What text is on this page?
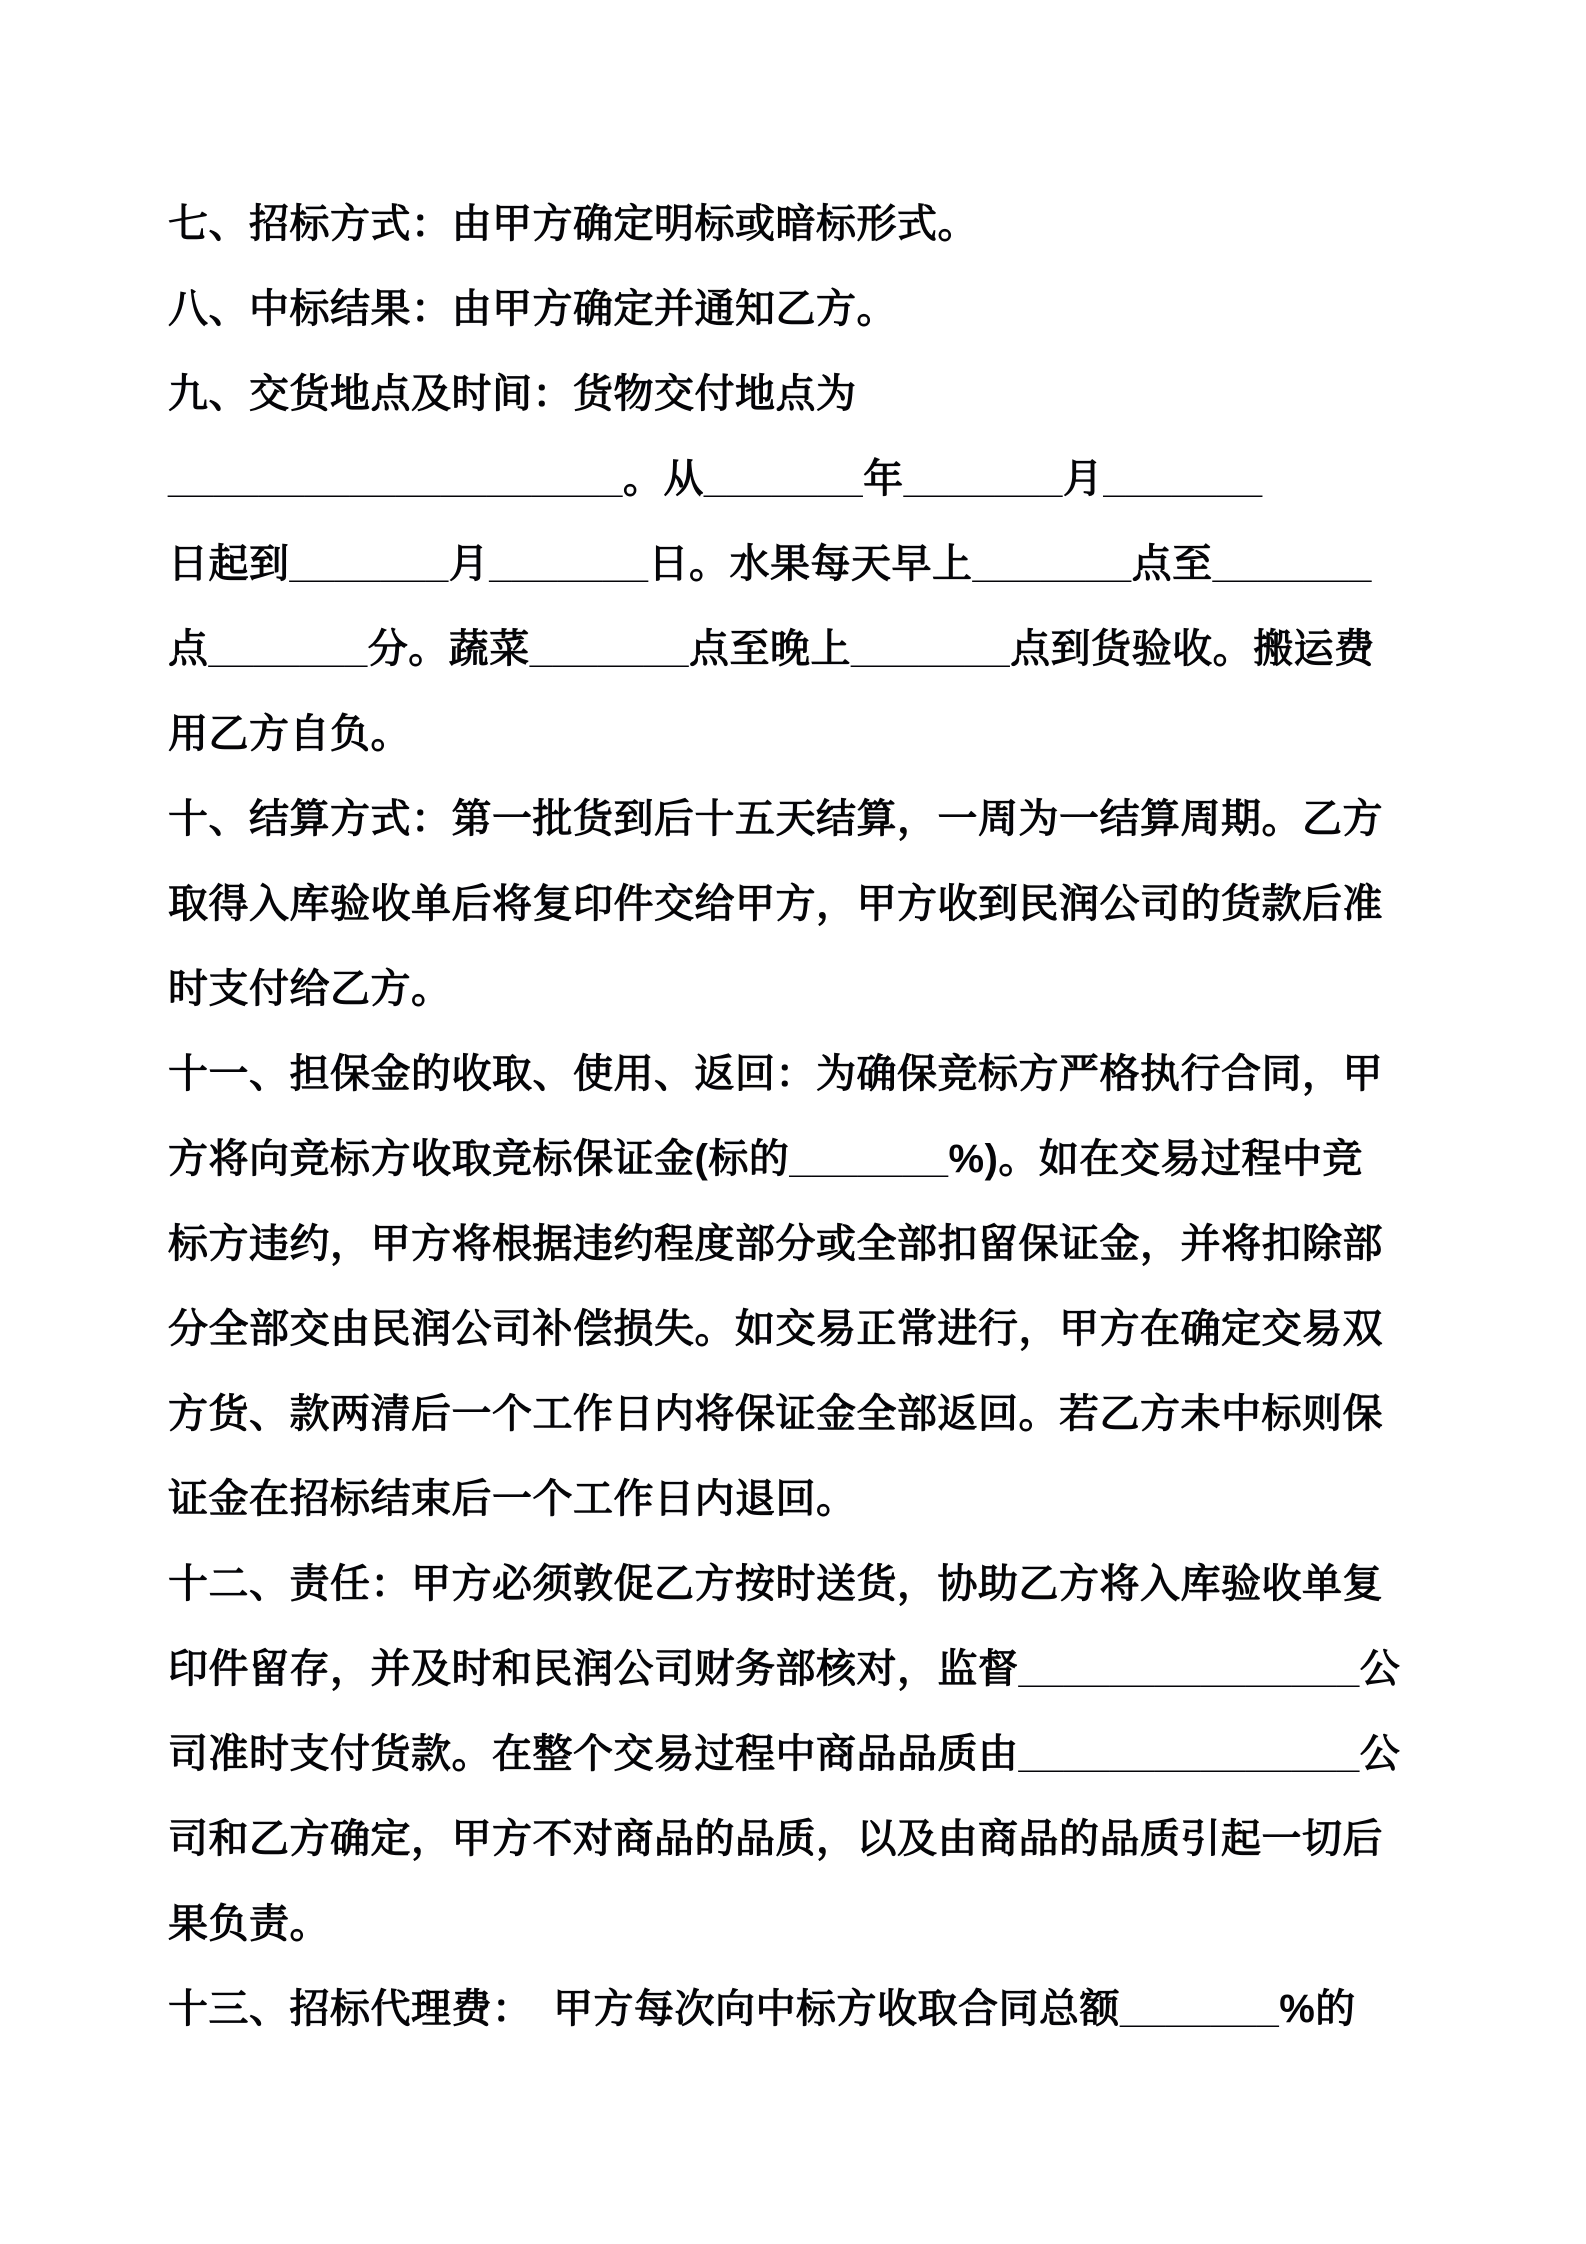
七、招标方式：由甲方确定明标或暗标形式。
八、中标结果：由甲方确定并通知乙方。
九、交货地点及时间：货物交付地点为
____________________。从_______年_______月_______
日起到_______月_______日。水果每天早上_______点至_______
点_______分。蔬菜_______点至晚上_______点到货验收。搬运费
用乙方自负。
十、结算方式：第一批货到后十五天结算，一周为一结算周期。乙方
取得入库验收单后将复印件交给甲方，甲方收到民润公司的货款后准
时支付给乙方。
十一、担保金的收取、使用、返回：为确保竞标方严格执行合同，甲
方将向竞标方收取竞标保证金(标的_______%)。如在交易过程中竞
标方违约，甲方将根据违约程度部分或全部扣留保证金，并将扣除部
分全部交由民润公司补偿损失。如交易正常进行，甲方在确定交易双
方货、款两清后一个工作日内将保证金全部返回。若乙方未中标则保
证金在招标结束后一个工作日内退回。
十二、责任：甲方必须敦促乙方按时送货，协助乙方将入库验收单复
印件留存，并及时和民润公司财务部核对，监督_______________公
司准时支付货款。在整个交易过程中商品品质由_______________公
司和乙方确定，甲方不对商品的品质，以及由商品的品质引起一切后
果负责。
十三、招标代理费：　甲方每次向中标方收取合同总额_______%的
